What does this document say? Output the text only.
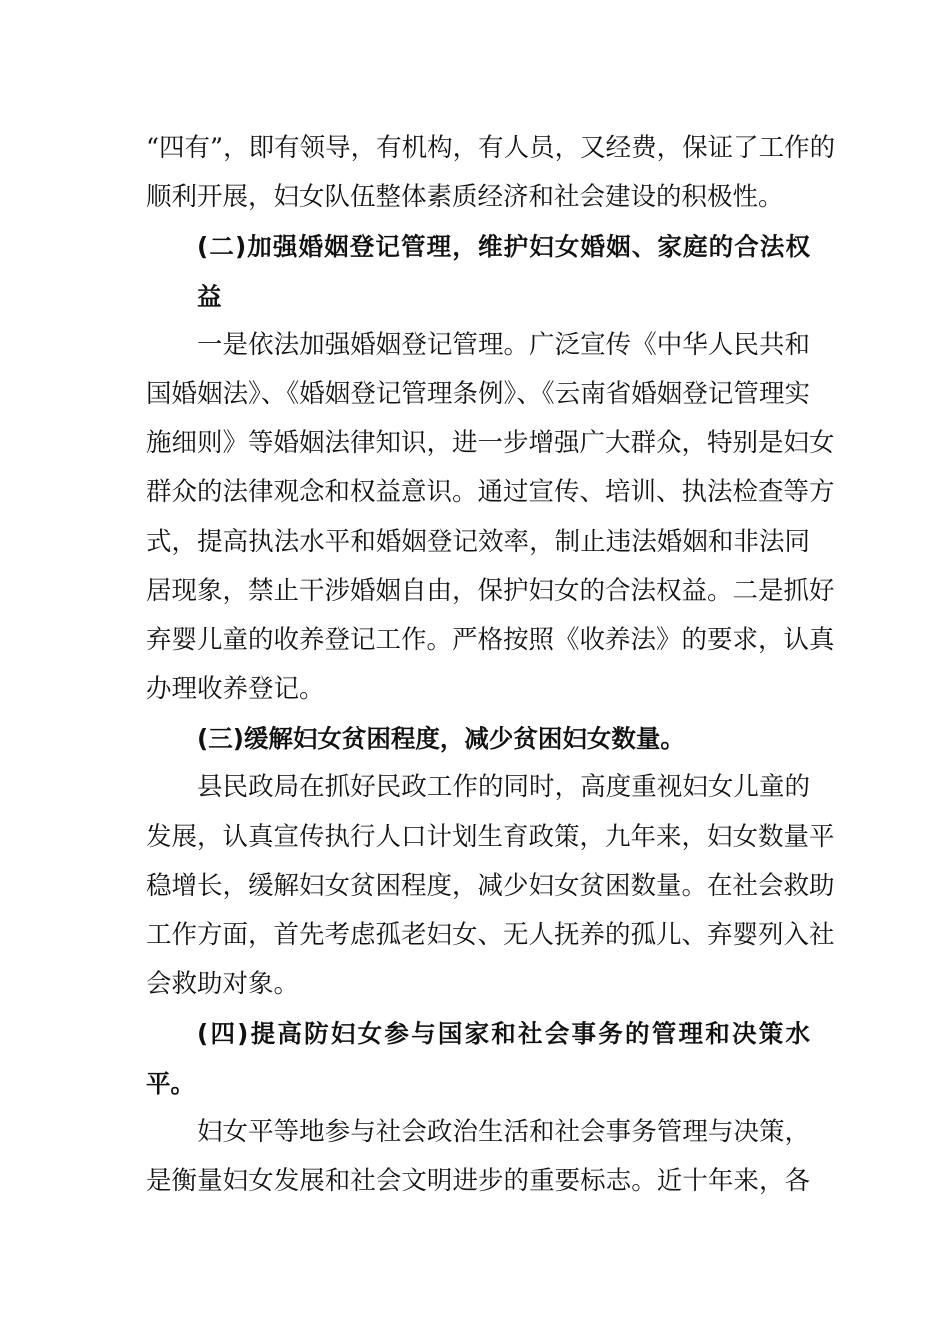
“四有”，即有领导，有机构，有人员，又经费，保证了工作的
顺利开展，妇女队伍整体素质经济和社会建设的积极性。
(二)加强婚姻登记管理，维护妇女婚姻、家庭的合法权
益
一是依法加强婚姻登记管理。广泛宣传《中华人民共和
国婚姻法》、《婚姻登记管理条例》、《云南省婚姻登记管理实
施细则》等婚姻法律知识，进一步增强广大群众，特别是妇女
群众的法律观念和权益意识。通过宣传、培训、执法检查等方
式，提高执法水平和婚姻登记效率，制止违法婚姻和非法同
居现象，禁止干涉婚姻自由，保护妇女的合法权益。二是抓好
弃婴儿童的收养登记工作。严格按照《收养法》的要求，认真
办理收养登记。
(三)缓解妇女贫困程度，减少贫困妇女数量。
县民政局在抓好民政工作的同时，高度重视妇女儿童的
发展，认真宣传执行人口计划生育政策，九年来，妇女数量平
稳增长，缓解妇女贫困程度，减少妇女贫困数量。在社会救助
工作方面，首先考虑孤老妇女、无人抚养的孤儿、弃婴列入社
会救助对象。
(四)提高防妇女参与国家和社会事务的管理和决策水
平。
妇女平等地参与社会政治生活和社会事务管理与决策，
是衡量妇女发展和社会文明进步的重要标志。近十年来，各
